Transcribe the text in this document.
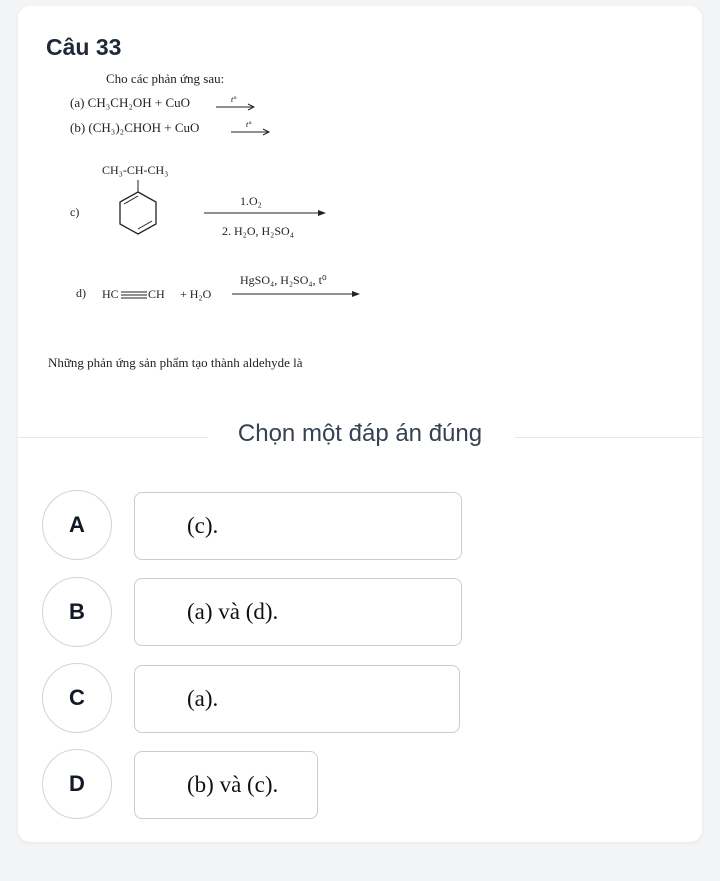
Câu 33
Cho các phản ứng sau:
(a) CH₃CH₂OH + CuO	t°
(b) (CH₃)₂CHOH + CuO	t°
CH₃-CH-CH₃
c)
1.O₂
2. H₂O, H₂SO₄
d) HC CH + H₂O
HgSO₄, H₂SO₄, t⁰
Những phản ứng sản phẩm tạo thành aldehyde là
Chọn một đáp án đúng
A	(c).
B	(a) và (d).
C	(a).
D	(b) và (c).
